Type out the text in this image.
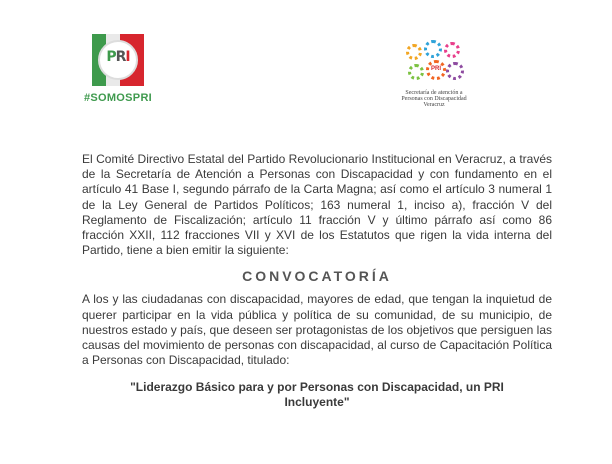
PRI
#SOMOSPRI
PRI
Secretaría de atención a
Personas con Discapacidad
Veracruz

El Comité Directivo Estatal del Partido Revolucionario Institucional en Veracruz, a través de la Secretaría de Atención a Personas con Discapacidad y con fundamento en el artículo 41 Base I, segundo párrafo de la Carta Magna; así como el artículo 3 numeral 1 de la Ley General de Partidos Políticos; 163 numeral 1, inciso a), fracción V del Reglamento de Fiscalización; artículo 11 fracción V y último párrafo así como 86 fracción XXII, 112 fracciones VII y XVI de los Estatutos que rigen la vida interna del Partido, tiene a bien emitir la siguiente:

CONVOCATORÍA

A los y las ciudadanas con discapacidad, mayores de edad, que tengan la inquietud de querer participar en la vida pública y política de su comunidad, de su municipio, de nuestros estado y país, que deseen ser protagonistas de los objetivos que persiguen las causas del movimiento de personas con discapacidad, al curso de Capacitación Política a Personas con Discapacidad, titulado:

"Liderazgo Básico para y por Personas con Discapacidad, un PRI Incluyente"
